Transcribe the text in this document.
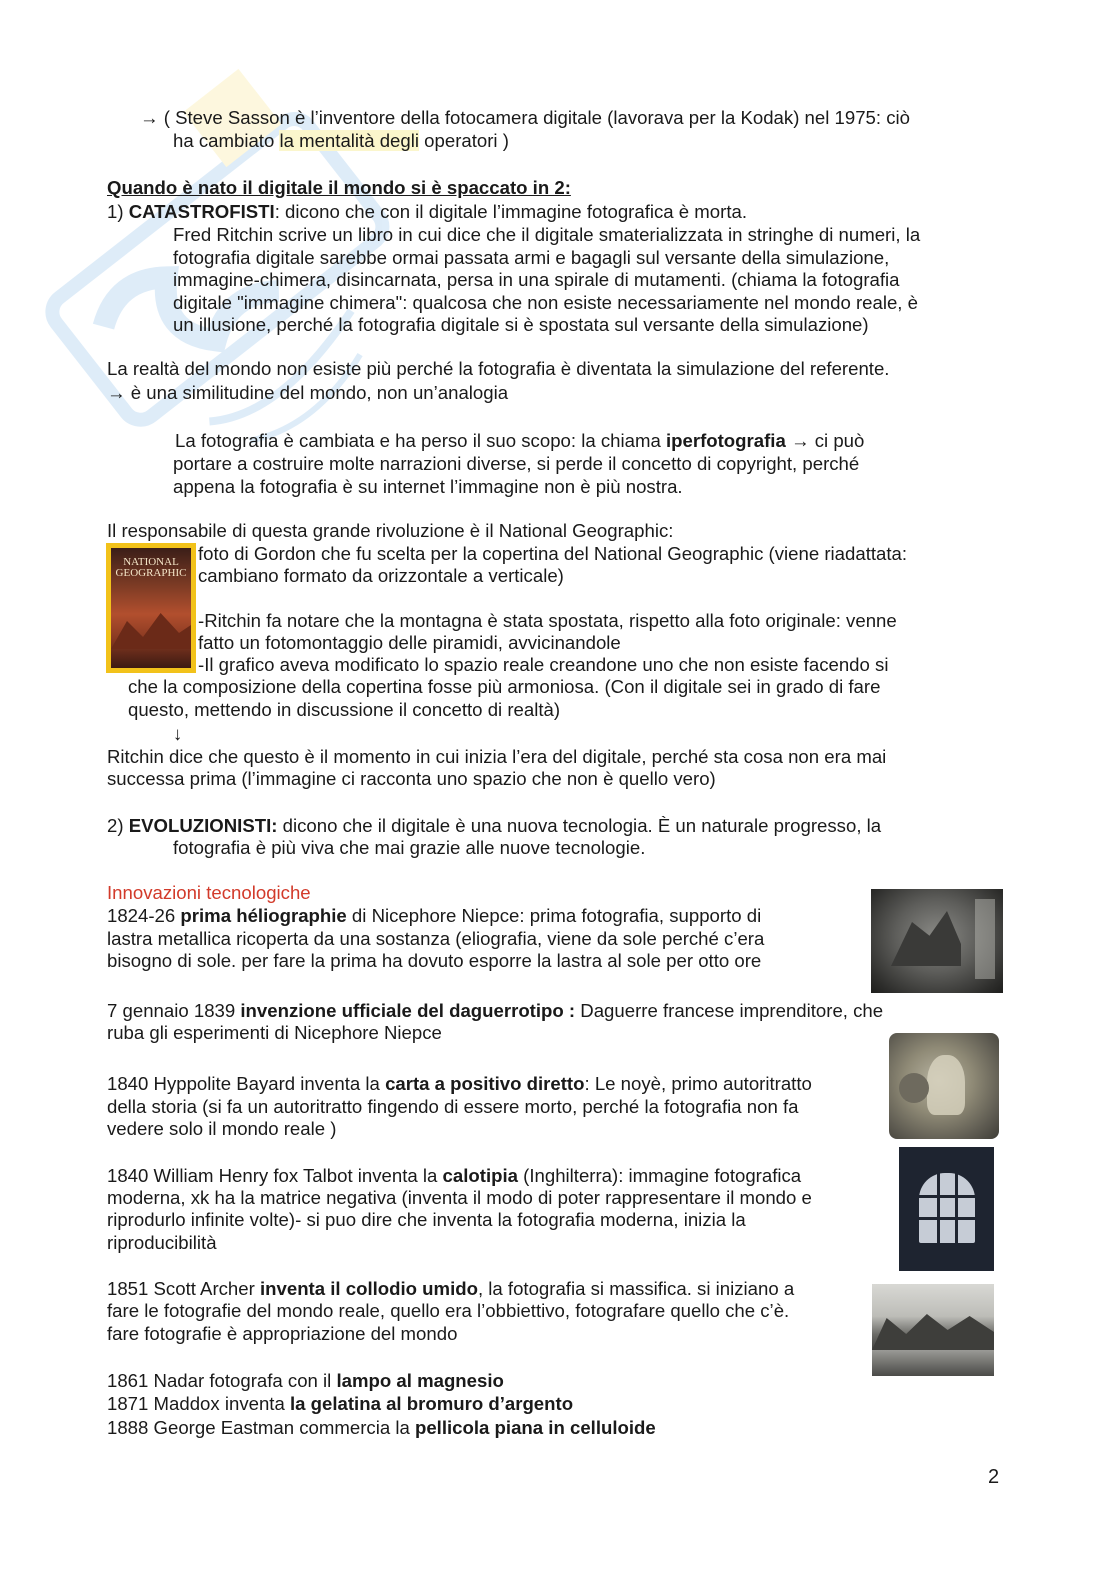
→ ( Steve Sasson è l’inventore della fotocamera digitale (lavorava per la Kodak) nel 1975: ciò

ha cambiato la mentalità degli operatori )

Quando è nato il digitale il mondo si è spaccato in 2:

1) CATASTROFISTI: dicono che con il digitale l’immagine fotografica è morta.

Fred Ritchin scrive un libro in cui dice che il digitale smaterializzata in stringhe di numeri, la

fotografia digitale sarebbe ormai passata armi e bagagli sul versante della simulazione,

immagine-chimera, disincarnata, persa in una spirale di mutamenti. (chiama la fotografia

digitale "immagine chimera": qualcosa che non esiste necessariamente nel mondo reale, è

un illusione, perché la fotografia digitale si è spostata sul versante della simulazione)

La realtà del mondo non esiste più perché la fotografia è diventata la simulazione del referente.

→ è una similitudine del mondo, non un’analogia

La fotografia è cambiata e ha perso il suo scopo: la chiama iperfotografia → ci può

portare a costruire molte narrazioni diverse, si perde il concetto di copyright, perché

appena la fotografia è su internet l’immagine non è più nostra.

Il responsabile di questa grande rivoluzione è il National Geographic:

NATIONAL GEOGRAPHIC

foto di Gordon che fu scelta per la copertina del National Geographic (viene riadattata:

cambiano formato da orizzontale a verticale)

-Ritchin fa notare che la montagna è stata spostata, rispetto alla foto originale: venne

fatto un fotomontaggio delle piramidi, avvicinandole

-Il grafico aveva modificato lo spazio reale creandone uno che non esiste facendo si

che la composizione della copertina fosse più armoniosa. (Con il digitale sei in grado di fare

questo, mettendo in discussione il concetto di realtà)

↓

Ritchin dice che questo è il momento in cui inizia l’era del digitale, perché sta cosa non era mai

successa prima (l’immagine ci racconta uno spazio che non è quello vero)

2) EVOLUZIONISTI: dicono che il digitale è una nuova tecnologia. È un naturale progresso, la

fotografia è più viva che mai grazie alle nuove tecnologie.

Innovazioni tecnologiche

1824-26 prima héliographie di Nicephore Niepce: prima fotografia, supporto di

lastra metallica ricoperta da una sostanza (eliografia, viene da sole perché c’era

bisogno di sole. per fare la prima ha dovuto esporre la lastra al sole per otto ore

7 gennaio 1839 invenzione ufficiale del daguerrotipo : Daguerre francese imprenditore, che

ruba gli esperimenti di Nicephore Niepce

1840 Hyppolite Bayard inventa la carta a positivo diretto: Le noyè, primo autoritratto

della storia (si fa un autoritratto fingendo di essere morto, perché la fotografia non fa

vedere solo il mondo reale )

1840 William Henry fox Talbot inventa la calotipia (Inghilterra): immagine fotografica

moderna, xk ha la matrice negativa (inventa il modo di poter rappresentare il mondo e

riprodurlo infinite volte)- si puo dire che inventa la fotografia moderna, inizia la

riproducibilità

1851 Scott Archer inventa il collodio umido, la fotografia si massifica. si iniziano a

fare le fotografie del mondo reale, quello era l’obbiettivo, fotografare quello che c’è.

fare fotografie è appropriazione del mondo

1861 Nadar fotografa con il lampo al magnesio

1871 Maddox inventa la gelatina al bromuro d’argento

1888 George Eastman commercia la pellicola piana in celluloide

2
